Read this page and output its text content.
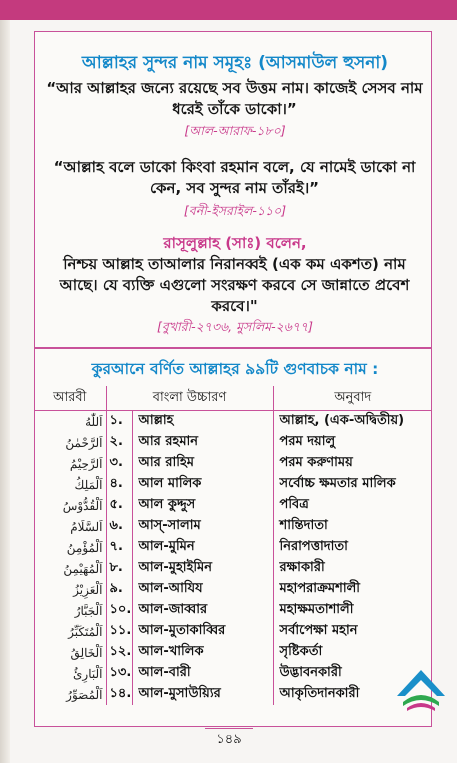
আল্লাহর সুন্দর নাম সমূহঃ (আসমাউল হুসনা)
“আর আল্লাহর জন্যে রয়েছে সব উত্তম নাম। কাজেই সেসব নাম ধরেই তাঁকে ডাকো।”
[আল-আরাফ-১৮০]
“আল্লাহ বলে ডাকো কিংবা রহমান বলে, যে নামেই ডাকো না কেন, সব সুন্দর নাম তাঁরই।”
[বনী-ইসরাইল-১১০]
রাসূলুল্লাহ (সাঃ) বলেন,
নিশ্চয় আল্লাহ তাআলার নিরানব্বই (এক কম একশত) নাম আছে। যে ব্যক্তি এগুলো সংরক্ষণ করবে সে জান্নাতে প্রবেশ করবে।"
[বুখারী-২৭৩৬, মুসলিম-২৬৭৭]
কুরআনে বর্ণিত আল্লাহর ৯৯টি গুণবাচক নাম :
আরবী	বাংলা উচ্চারণ		অনুবাদ
اَللّٰهُ	১.	আল্লাহ	আল্লাহ, (এক-অদ্বিতীয়)
اَلرَّحْمٰنُ	২.	আর রহমান	পরম দয়ালু
اَلرَّحِيْمُ	৩.	আর রাহিম	পরম করুণাময়
اَلْمَلِكُ	৪.	আল মালিক	সর্বোচ্চ ক্ষমতার মালিক
اَلْقُدُّوْسُ	৫.	আল কুদ্দুস	পবিত্র
اَلسَّلَامُ	৬.	আস্-সালাম	শান্তিদাতা
اَلْمُؤْمِنُ	৭.	আল-মুমিন	নিরাপত্তাদাতা
اَلْمُهَيْمِنُ	৮.	আল-মুহাইমিন	রক্ষাকারী
اَلْعَزِيْزُ	৯.	আল-আযিয	মহাপরাক্রমশালী
اَلْجَبَّارُ	১০.	আল-জাব্বার	মহাক্ষমতাশালী
اَلْمُتَكَبِّرُ	১১.	আল-মুতাকাব্বির	সর্বাপেক্ষা মহান
اَلْخَالِقُ	১২.	আল-খালিক	সৃষ্টিকর্তা
اَلْبَارِئُ	১৩.	আল-বারী	উদ্ভাবনকারী
اَلْمُصَوِّرُ	১৪.	আল-মুসাউয়্যির	আকৃতিদানকারী
১৪৯
